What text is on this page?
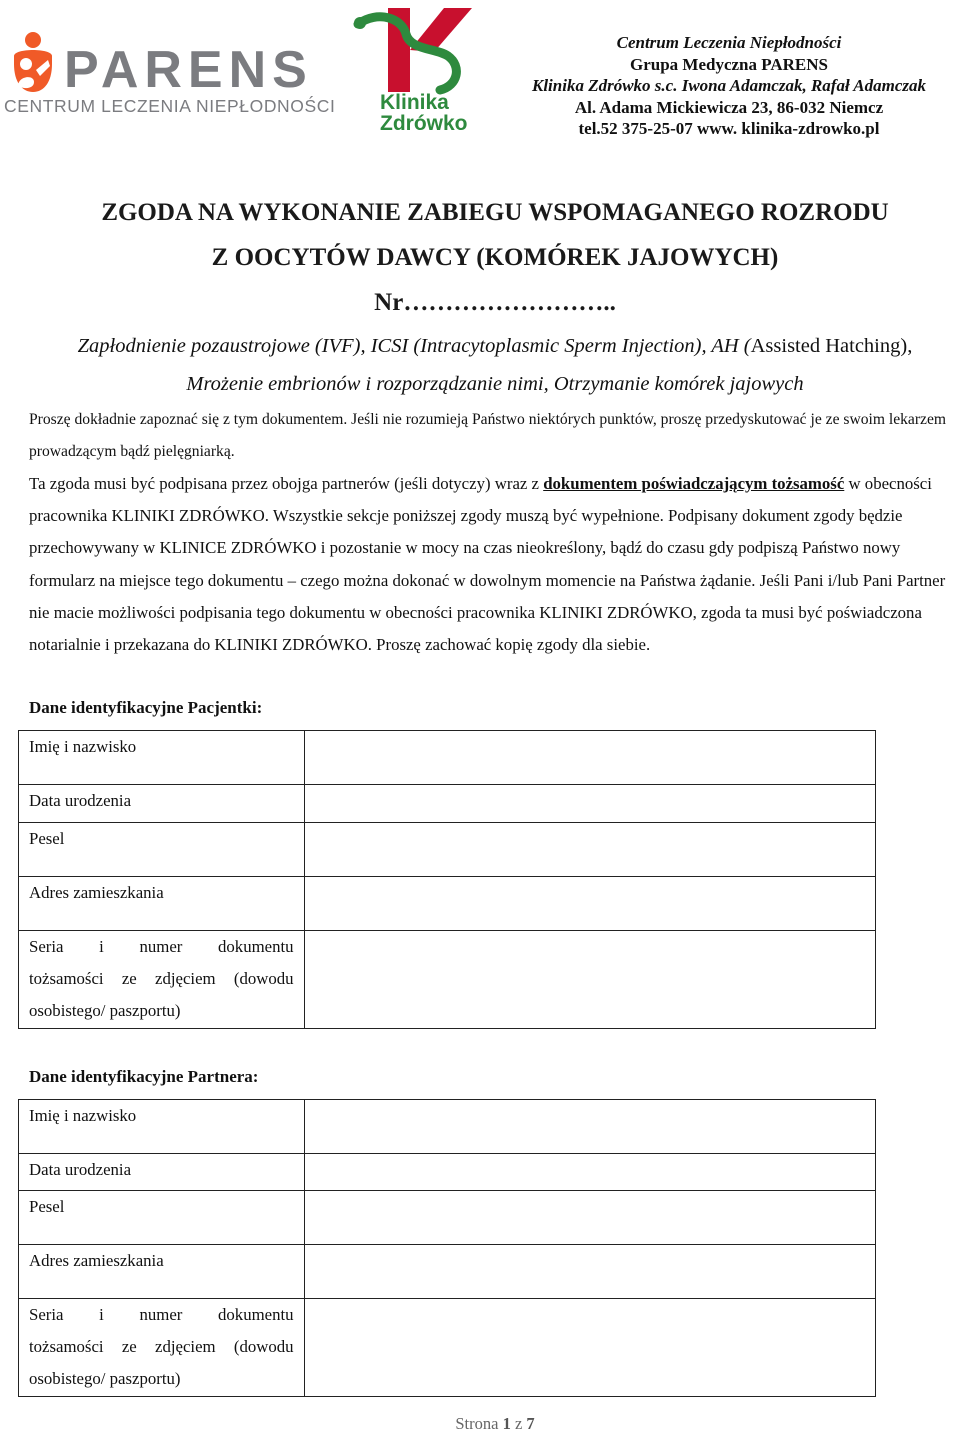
PARENS
CENTRUM LECZENIA NIEPŁODNOŚCI Klinika
Zdrówko
Centrum Leczenia Niepłodności
Grupa Medyczna PARENS
Klinika Zdrówko s.c. Iwona Adamczak, Rafał Adamczak
Al. Adama Mickiewicza 23, 86-032 Niemcz
tel.52 375-25-07 www. klinika-zdrowko.pl
ZGODA NA WYKONANIE ZABIEGU WSPOMAGANEGO ROZRODU
Z OOCYTÓW DAWCY (KOMÓREK JAJOWYCH)
Nr……………………..
Zapłodnienie pozaustrojowe (IVF), ICSI (Intracytoplasmic Sperm Injection), AH (Assisted Hatching),
Mrożenie embrionów i rozporządzanie nimi, Otrzymanie komórek jajowych
Proszę dokładnie zapoznać się z tym dokumentem. Jeśli nie rozumieją Państwo niektórych punktów, proszę przedyskutować je ze swoim lekarzem prowadzącym bądź pielęgniarką.
Ta zgoda musi być podpisana przez obojga partnerów (jeśli dotyczy) wraz z dokumentem poświadczającym tożsamość w obecności pracownika KLINIKI ZDRÓWKO. Wszystkie sekcje poniższej zgody muszą być wypełnione. Podpisany dokument zgody będzie przechowywany w KLINICE ZDRÓWKO i pozostanie w mocy na czas nieokreślony, bądź do czasu gdy podpiszą Państwo nowy formularz na miejsce tego dokumentu – czego można dokonać w dowolnym momencie na Państwa żądanie. Jeśli Pani i/lub Pani Partner nie macie możliwości podpisania tego dokumentu w obecności pracownika KLINIKI ZDRÓWKO, zgoda ta musi być poświadczona notarialnie i przekazana do KLINIKI ZDRÓWKO. Proszę zachować kopię zgody dla siebie.
Dane identyfikacyjne Pacjentki:
Imię i nazwisko	
Data urodzenia	
Pesel	
Adres zamieszkania	

Seria i numer dokumentu
tożsamości ze zdjęciem (dowodu
osobistego/ paszportu)	
Dane identyfikacyjne Partnera:
Imię i nazwisko	
Data urodzenia	
Pesel	
Adres zamieszkania	

Seria i numer dokumentu
tożsamości ze zdjęciem (dowodu
osobistego/ paszportu)	
Strona 1 z 7
